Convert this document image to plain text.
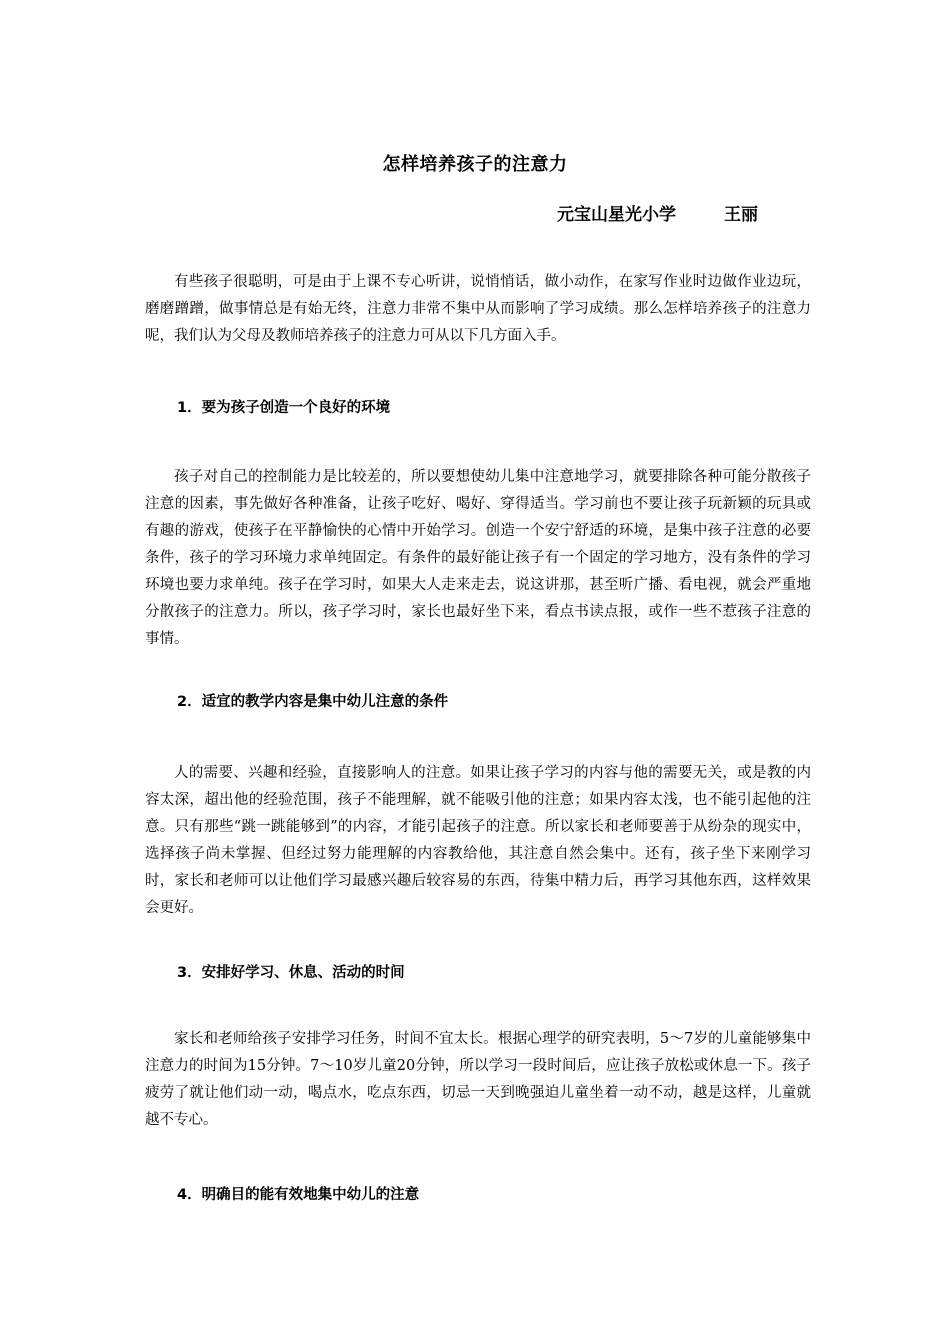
怎样培养孩子的注意力
元宝山星光小学	王丽

有些孩子很聪明，可是由于上课不专心听讲，说悄悄话，做小动作，在家写作业时边做作业边玩，磨磨蹭蹭，做事情总是有始无终，注意力非常不集中从而影响了学习成绩。那么怎样培养孩子的注意力呢，我们认为父母及教师培养孩子的注意力可从以下几方面入手。

1．要为孩子创造一个良好的环境

孩子对自己的控制能力是比较差的，所以要想使幼儿集中注意地学习，就要排除各种可能分散孩子注意的因素，事先做好各种准备，让孩子吃好、喝好、穿得适当。学习前也不要让孩子玩新颖的玩具或有趣的游戏，使孩子在平静愉快的心情中开始学习。创造一个安宁舒适的环境，是集中孩子注意的必要条件，孩子的学习环境力求单纯固定。有条件的最好能让孩子有一个固定的学习地方，没有条件的学习环境也要力求单纯。孩子在学习时，如果大人走来走去，说这讲那，甚至听广播、看电视，就会严重地分散孩子的注意力。所以，孩子学习时，家长也最好坐下来，看点书读点报，或作一些不惹孩子注意的事情。

2．适宜的教学内容是集中幼儿注意的条件

人的需要、兴趣和经验，直接影响人的注意。如果让孩子学习的内容与他的需要无关，或是教的内容太深，超出他的经验范围，孩子不能理解，就不能吸引他的注意；如果内容太浅，也不能引起他的注意。只有那些“跳一跳能够到”的内容，才能引起孩子的注意。所以家长和老师要善于从纷杂的现实中，选择孩子尚未掌握、但经过努力能理解的内容教给他，其注意自然会集中。还有，孩子坐下来刚学习时，家长和老师可以让他们学习最感兴趣后较容易的东西，待集中精力后，再学习其他东西，这样效果会更好。

3．安排好学习、休息、活动的时间

家长和老师给孩子安排学习任务，时间不宜太长。根据心理学的研究表明，5～7岁的儿童能够集中注意力的时间为15分钟。7～10岁儿童20分钟，所以学习一段时间后，应让孩子放松或休息一下。孩子疲劳了就让他们动一动，喝点水，吃点东西，切忌一天到晚强迫儿童坐着一动不动，越是这样，儿童就越不专心。

4．明确目的能有效地集中幼儿的注意
